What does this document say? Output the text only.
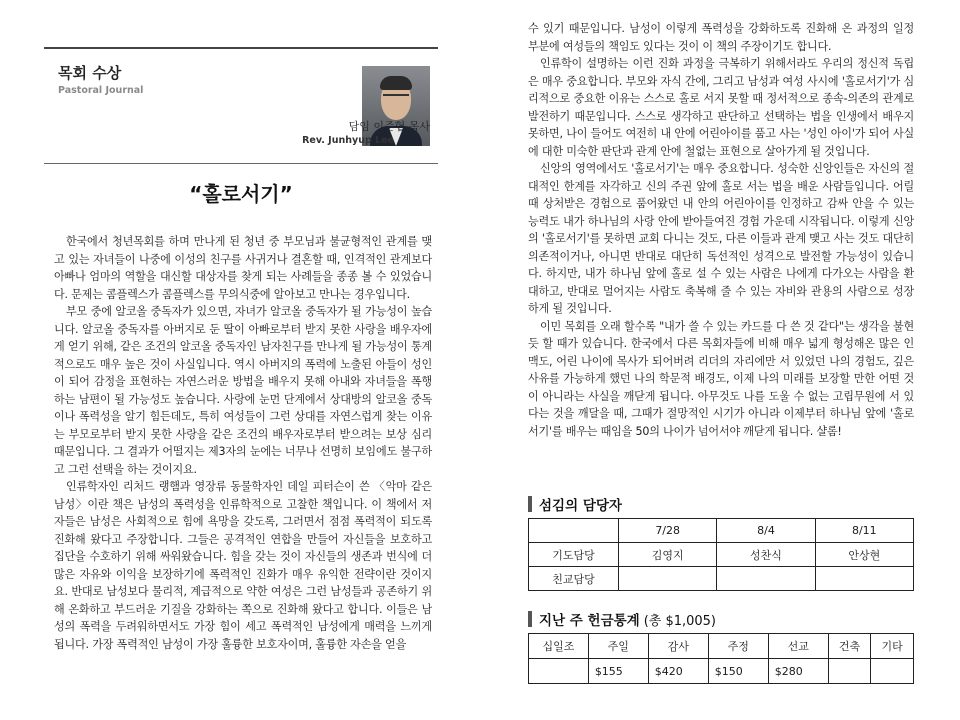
목회 수상
Pastoral Journal
담임 이준협 목사
Rev. Junhyup Lee
“홀로서기”

한국에서 청년목회를 하며 만나게 된 청년 중 부모님과 불균형적인 관계를 맺고 있는 자녀들이 나중에 이성의 친구를 사귀거나 결혼할 때, 인격적인 관계보다 아빠나 엄마의 역할을 대신할 대상자를 찾게 되는 사례들을 종종 볼 수 있었습니다. 문제는 콤플렉스가 콤플렉스를 무의식중에 알아보고 만나는 경우입니다.

부모 중에 알코올 중독자가 있으면, 자녀가 알코올 중독자가 될 가능성이 높습니다. 알코올 중독자를 아버지로 둔 딸이 아빠로부터 받지 못한 사랑을 배우자에게 얻기 위해, 같은 조건의 알코올 중독자인 남자친구를 만나게 될 가능성이 통계적으로도 매우 높은 것이 사실입니다. 역시 아버지의 폭력에 노출된 아들이 성인이 되어 감정을 표현하는 자연스러운 방법을 배우지 못해 아내와 자녀들을 폭행하는 남편이 될 가능성도 높습니다. 사랑에 눈먼 단계에서 상대방의 알코올 중독이나 폭력성을 알기 힘든데도, 특히 여성들이 그런 상대를 자연스럽게 찾는 이유는 부모로부터 받지 못한 사랑을 같은 조건의 배우자로부터 받으려는 보상 심리 때문입니다. 그 결과가 어떨지는 제3자의 눈에는 너무나 선명히 보임에도 불구하고 그런 선택을 하는 것이지요.

인류학자인 리처드 랭햄과 영장류 동물학자인 데일 피터슨이 쓴 〈악마 같은 남성〉이란 책은 남성의 폭력성을 인류학적으로 고찰한 책입니다. 이 책에서 저자들은 남성은 사회적으로 힘에 욕망을 갖도록, 그러면서 점점 폭력적이 되도록 진화해 왔다고 주장합니다. 그들은 공격적인 연합을 만들어 자신들을 보호하고 집단을 수호하기 위해 싸워왔습니다. 힘을 갖는 것이 자신들의 생존과 번식에 더 많은 자유와 이익을 보장하기에 폭력적인 진화가 매우 유익한 전략이란 것이지요. 반대로 남성보다 물리적, 계급적으로 약한 여성은 그런 남성들과 공존하기 위해 온화하고 부드러운 기질을 강화하는 쪽으로 진화해 왔다고 합니다. 이들은 남성의 폭력을 두려워하면서도 가장 힘이 세고 폭력적인 남성에게 매력을 느끼게 됩니다. 가장 폭력적인 남성이 가장 훌륭한 보호자이며, 훌륭한 자손을 얻을

수 있기 때문입니다. 남성이 이렇게 폭력성을 강화하도록 진화해 온 과정의 일정 부분에 여성들의 책임도 있다는 것이 이 책의 주장이기도 합니다.

인류학이 설명하는 이런 진화 과정을 극복하기 위해서라도 우리의 정신적 독립은 매우 중요합니다. 부모와 자식 간에, 그리고 남성과 여성 사시에 '홀로서기'가 심리적으로 중요한 이유는 스스로 홀로 서지 못할 때 정서적으로 종속-의존의 관계로 발전하기 때문입니다. 스스로 생각하고 판단하고 선택하는 법을 인생에서 배우지 못하면, 나이 들어도 여전히 내 안에 어린아이를 품고 사는 '성인 아이'가 되어 사실에 대한 미숙한 판단과 관계 안에 철없는 표현으로 살아가게 될 것입니다.

신앙의 영역에서도 '홀로서기'는 매우 중요합니다. 성숙한 신앙인들은 자신의 절대적인 한계를 자각하고 신의 주권 앞에 홀로 서는 법을 배운 사람들입니다. 어릴 때 상처받은 경험으로 품어왔던 내 안의 어린아이를 인정하고 감싸 안을 수 있는 능력도 내가 하나님의 사랑 안에 받아들여진 경험 가운데 시작됩니다. 이렇게 신앙의 '홀로서기'를 못하면 교회 다니는 것도, 다른 이들과 관계 맺고 사는 것도 대단히 의존적이거나, 아니면 반대로 대단히 독선적인 성격으로 발전할 가능성이 있습니다. 하지만, 내가 하나님 앞에 홀로 설 수 있는 사람은 나에게 다가오는 사람을 환대하고, 반대로 멀어지는 사람도 축복해 줄 수 있는 자비와 관용의 사람으로 성장하게 될 것입니다.

이민 목회를 오래 할수록 "내가 쓸 수 있는 카드를 다 쓴 것 같다"는 생각을 불현듯 할 때가 있습니다. 한국에서 다른 목회자들에 비해 매우 넓게 형성해온 많은 인맥도, 어린 나이에 목사가 되어버려 리더의 자리에만 서 있었던 나의 경험도, 깊은 사유를 가능하게 했던 나의 학문적 배경도, 이제 나의 미래를 보장할 만한 어떤 것이 아니라는 사실을 깨닫게 됩니다. 아무것도 나를 도울 수 없는 고립무원에 서 있다는 것을 깨달을 때, 그때가 절망적인 시기가 아니라 이제부터 하나님 앞에 '홀로서기'를 배우는 때임을 50의 나이가 넘어서야 깨닫게 됩니다. 샬롬!

섬김의 담당자
	7/28	8/4	8/11
기도담당	김영지	성찬식	안상현
친교담당			
지난 주 헌금통계 (총 $1,005)
십일조	주일	감사	주정	선교	건축	기타
	$155	$420	$150	$280		
